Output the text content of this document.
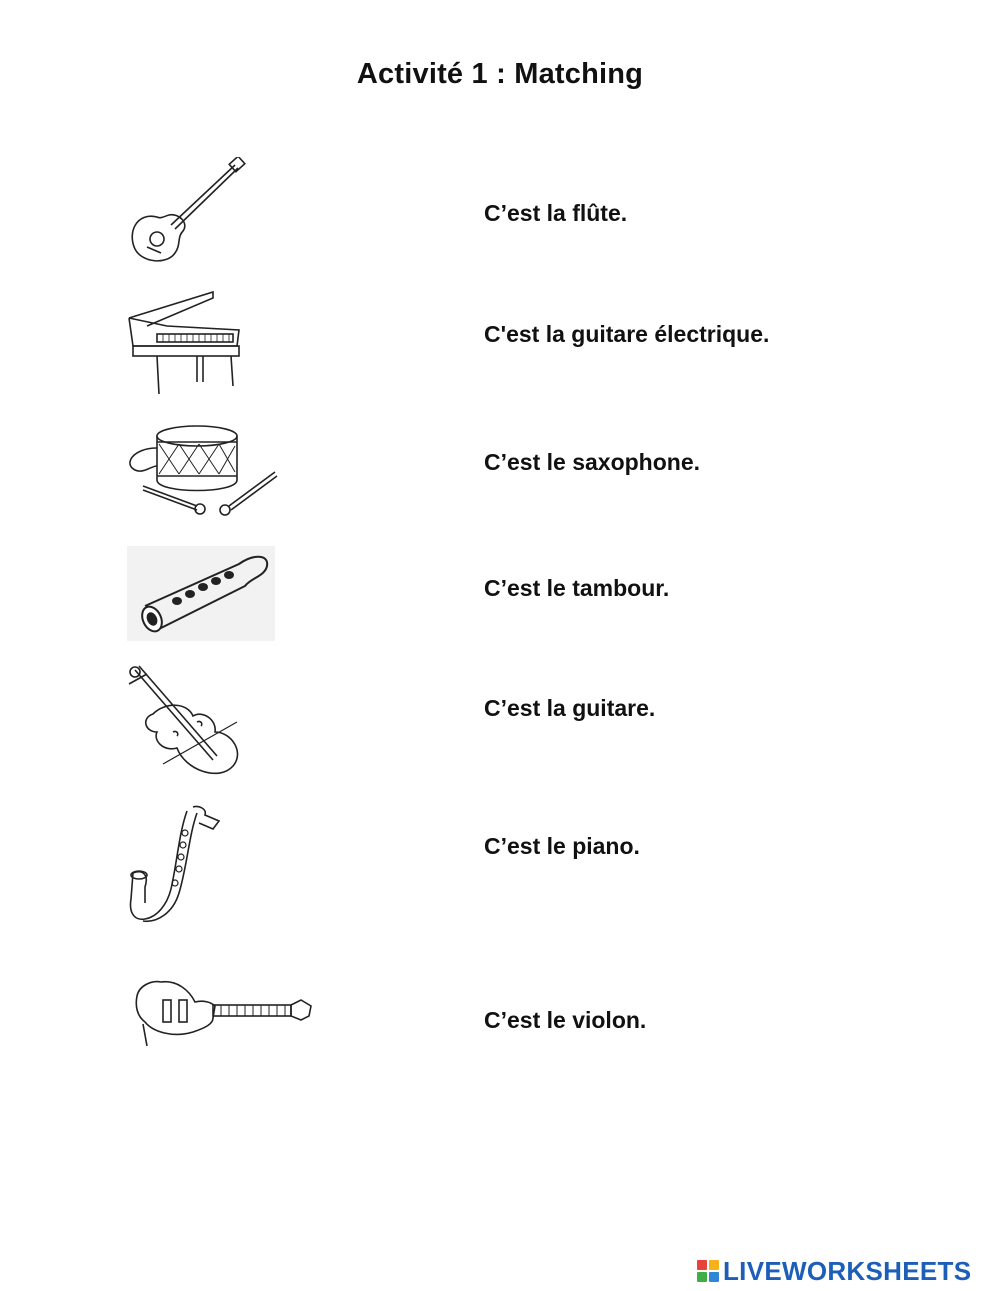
Activité 1 : Matching
C’est la flûte.
C'est la guitare électrique.
C’est le saxophone.
C’est le tambour.
C’est la guitare.
C’est le piano.
C’est le violon.
LIVEWORKSHEETS
